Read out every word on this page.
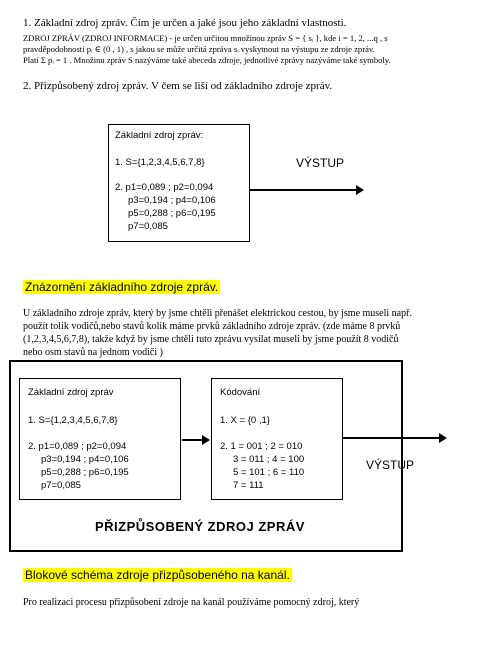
1. Základní zdroj zpráv. Čím je určen a jaké jsou jeho základní vlastnosti.
ZDROJ ZPRÁV (ZDROJ INFORMACE) - je určen určitou množinou zpráv S = { sᵢ }, kde i = 1, 2, ...q , s
pravděpodobností pᵢ ∈ (0 , 1) , s jakou se může určitá zpráva sᵢ vyskytnout na výstupu ze zdroje zpráv.
Platí Σ pᵢ = 1 . Množinu zpráv S nazýváme také abeceda zdroje, jednotlivé zprávy nazýváme také symboly.
2. Přizpůsobený zdroj zpráv. V čem se liší od základního zdroje zpráv.
Základní zdroj zpráv:
1. S={1,2,3,4,5,6,7,8}
2. p1=0,089 ; p2=0,094
p3=0,194 ; p4=0,106
p5=0,288 ; p6=0,195
p7=0,085
VÝSTUP
Znázornění základního zdroje zpráv.
U základního zdroje zpráv, který by jsme chtěli přenášet elektrickou cestou, by jsme museli např.
použít tolik vodičů,nebo stavů kolik máme prvků základního zdroje zpráv. (zde máme 8 prvků
(1,2,3,4,5,6,7,8), takže když by jsme chtěli tuto zprávu vysílat museli by jsme použít 8 vodičů
nebo osm stavů na jednom vodiči )
Základní zdroj zpráv
1. S={1,2,3,4,5,6,7,8}
2. p1=0,089 ; p2=0,094
p3=0,194 ; p4=0,106
p5=0,288 ; p6=0,195
p7=0,085
Kódování
1. X = {0 ,1}
2. 1 = 001 ; 2 = 010
3 = 011 ; 4 = 100
5 = 101 ; 6 = 110
7 = 111
PŘIZPŮSOBENÝ ZDROJ ZPRÁV
VÝSTUP
Blokové schéma zdroje přizpůsobeného na kanál.
Pro realizaci procesu přizpůsobení zdroje na kanál používáme pomocný zdroj, který
